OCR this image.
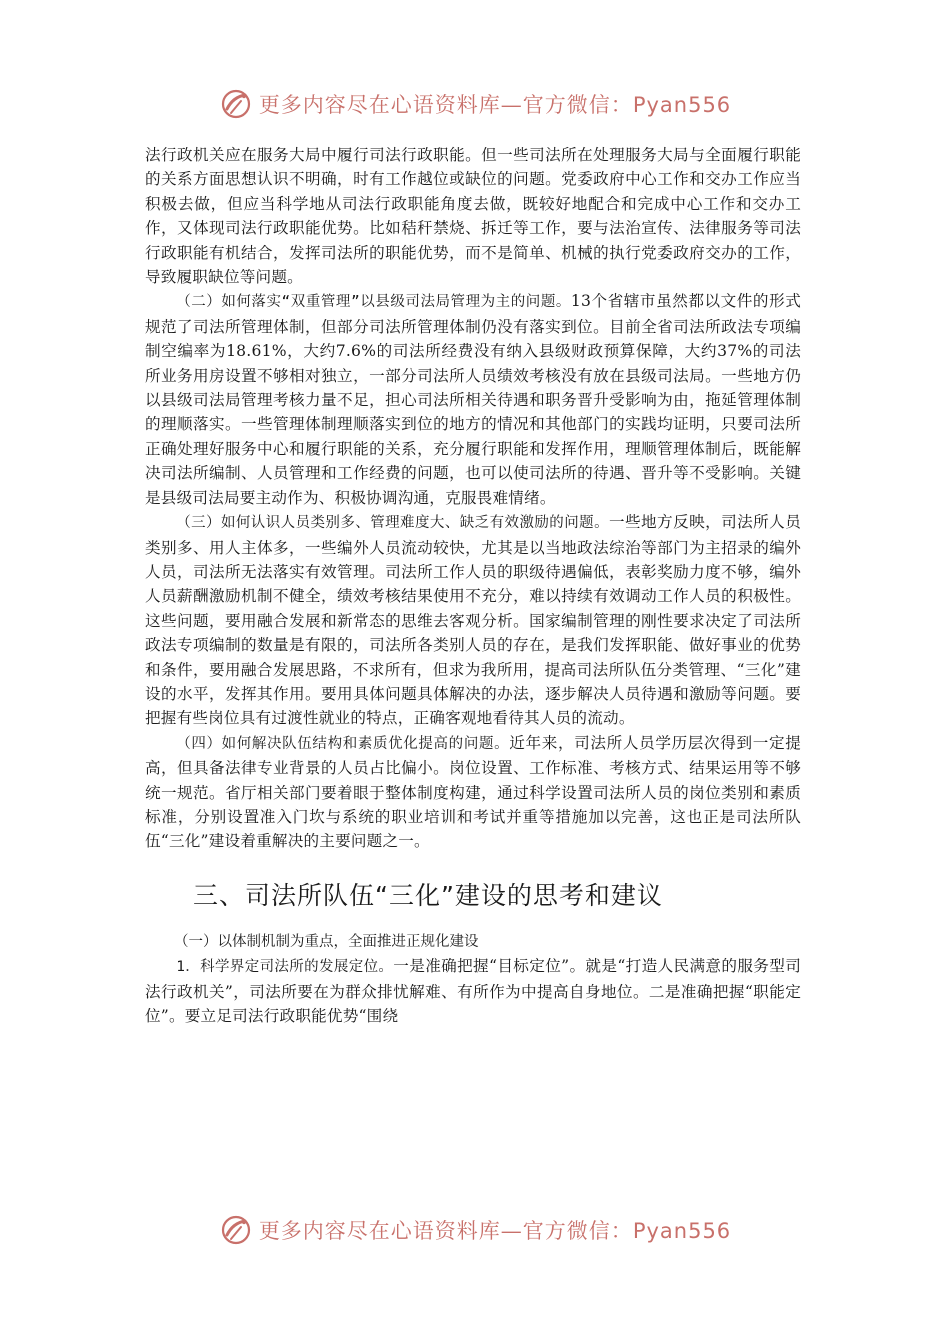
更多内容尽在心语资料库—官方微信：Pyan556

法行政机关应在服务大局中履行司法行政职能。但一些司法所在处理服务大局与全面履行职能的关系方面思想认识不明确，时有工作越位或缺位的问题。党委政府中心工作和交办工作应当积极去做，但应当科学地从司法行政职能角度去做，既较好地配合和完成中心工作和交办工作，又体现司法行政职能优势。比如秸秆禁烧、拆迁等工作，要与法治宣传、法律服务等司法行政职能有机结合，发挥司法所的职能优势，而不是简单、机械的执行党委政府交办的工作，导致履职缺位等问题。

（二）如何落实“双重管理”以县级司法局管理为主的问题。13个省辖市虽然都以文件的形式规范了司法所管理体制，但部分司法所管理体制仍没有落实到位。目前全省司法所政法专项编制空编率为18.61%，大约7.6%的司法所经费没有纳入县级财政预算保障，大约37%的司法所业务用房设置不够相对独立，一部分司法所人员绩效考核没有放在县级司法局。一些地方仍以县级司法局管理考核力量不足，担心司法所相关待遇和职务晋升受影响为由，拖延管理体制的理顺落实。一些管理体制理顺落实到位的地方的情况和其他部门的实践均证明，只要司法所正确处理好服务中心和履行职能的关系，充分履行职能和发挥作用，理顺管理体制后，既能解决司法所编制、人员管理和工作经费的问题，也可以使司法所的待遇、晋升等不受影响。关键是县级司法局要主动作为、积极协调沟通，克服畏难情绪。

（三）如何认识人员类别多、管理难度大、缺乏有效激励的问题。一些地方反映，司法所人员类别多、用人主体多，一些编外人员流动较快，尤其是以当地政法综治等部门为主招录的编外人员，司法所无法落实有效管理。司法所工作人员的职级待遇偏低，表彰奖励力度不够，编外人员薪酬激励机制不健全，绩效考核结果使用不充分，难以持续有效调动工作人员的积极性。这些问题，要用融合发展和新常态的思维去客观分析。国家编制管理的刚性要求决定了司法所政法专项编制的数量是有限的，司法所各类别人员的存在，是我们发挥职能、做好事业的优势和条件，要用融合发展思路，不求所有，但求为我所用，提高司法所队伍分类管理、“三化”建设的水平，发挥其作用。要用具体问题具体解决的办法，逐步解决人员待遇和激励等问题。要把握有些岗位具有过渡性就业的特点，正确客观地看待其人员的流动。

（四）如何解决队伍结构和素质优化提高的问题。近年来，司法所人员学历层次得到一定提高，但具备法律专业背景的人员占比偏小。岗位设置、工作标准、考核方式、结果运用等不够统一规范。省厅相关部门要着眼于整体制度构建，通过科学设置司法所人员的岗位类别和素质标准，分别设置准入门坎与系统的职业培训和考试并重等措施加以完善，这也正是司法所队伍“三化”建设着重解决的主要问题之一。

三、司法所队伍“三化”建设的思考和建议

（一）以体制机制为重点，全面推进正规化建设

1．科学界定司法所的发展定位。一是准确把握“目标定位”。就是“打造人民满意的服务型司法行政机关”，司法所要在为群众排忧解难、有所作为中提高自身地位。二是准确把握“职能定位”。要立足司法行政职能优势“围绕

更多内容尽在心语资料库—官方微信：Pyan556
